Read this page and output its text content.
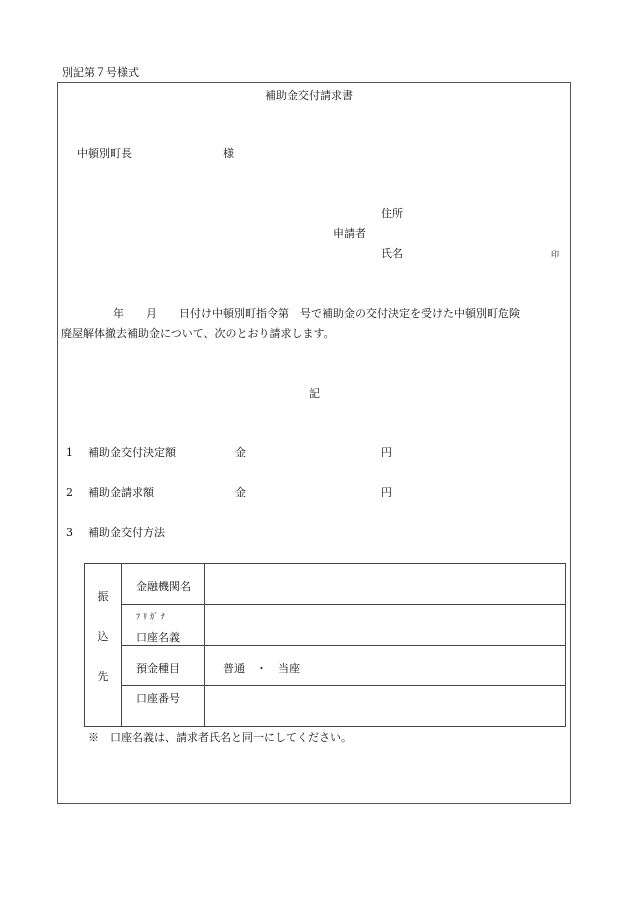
別記第７号様式
補助金交付請求書
中頓別町長	様
住所
申請者
氏名	印
年　　月　　日付け中頓別町指令第　号で補助金の交付決定を受けた中頓別町危険
廃屋解体撤去補助金について、次のとおり請求します。
記
1 補助金交付決定額	金	円
2 補助金請求額	金	円
3 補助金交付方法
振
込
先	金融機関名	

	ﾌﾘｶﾞﾅ
口座名義	

	預金種目	普通　・　当座

	口座番号	

※　口座名義は、請求者氏名と同一にしてください。
